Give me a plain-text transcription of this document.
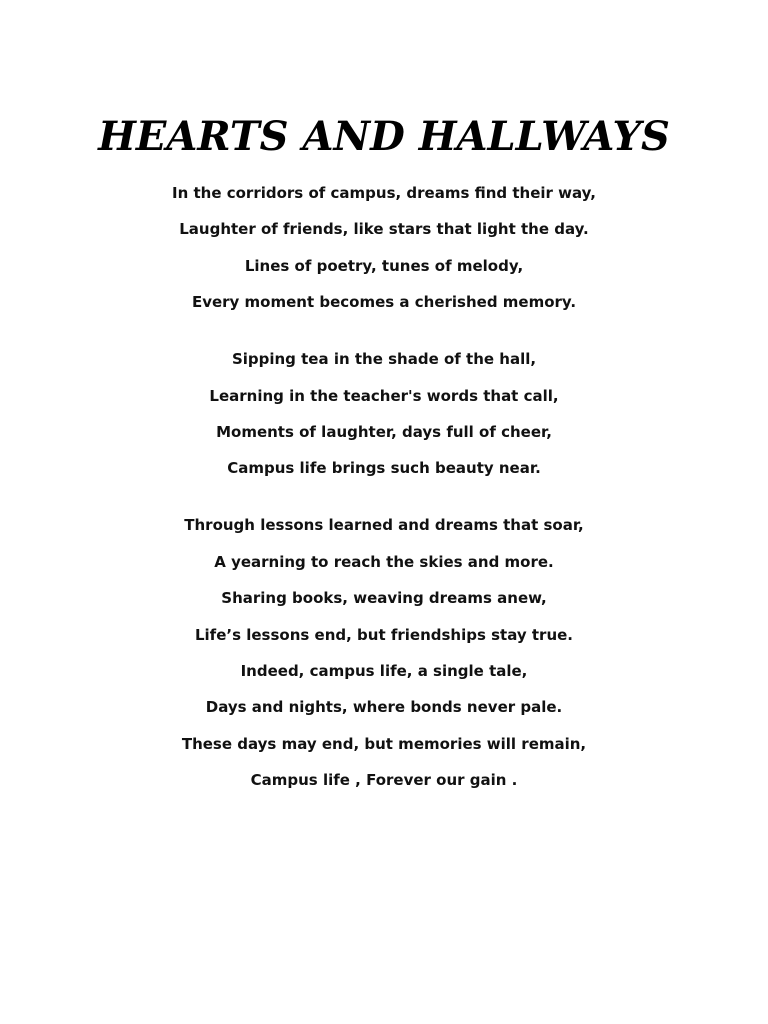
HEARTS AND HALLWAYS
In the corridors of campus, dreams find their way,
Laughter of friends, like stars that light the day.
Lines of poetry, tunes of melody,
Every moment becomes a cherished memory.
Sipping tea in the shade of the hall,
Learning in the teacher's words that call,
Moments of laughter, days full of cheer,
Campus life brings such beauty near.
Through lessons learned and dreams that soar,
A yearning to reach the skies and more.
Sharing books, weaving dreams anew,
Life’s lessons end, but friendships stay true.
Indeed, campus life, a single tale,
Days and nights, where bonds never pale.
These days may end, but memories will remain,
Campus life , Forever our gain .
